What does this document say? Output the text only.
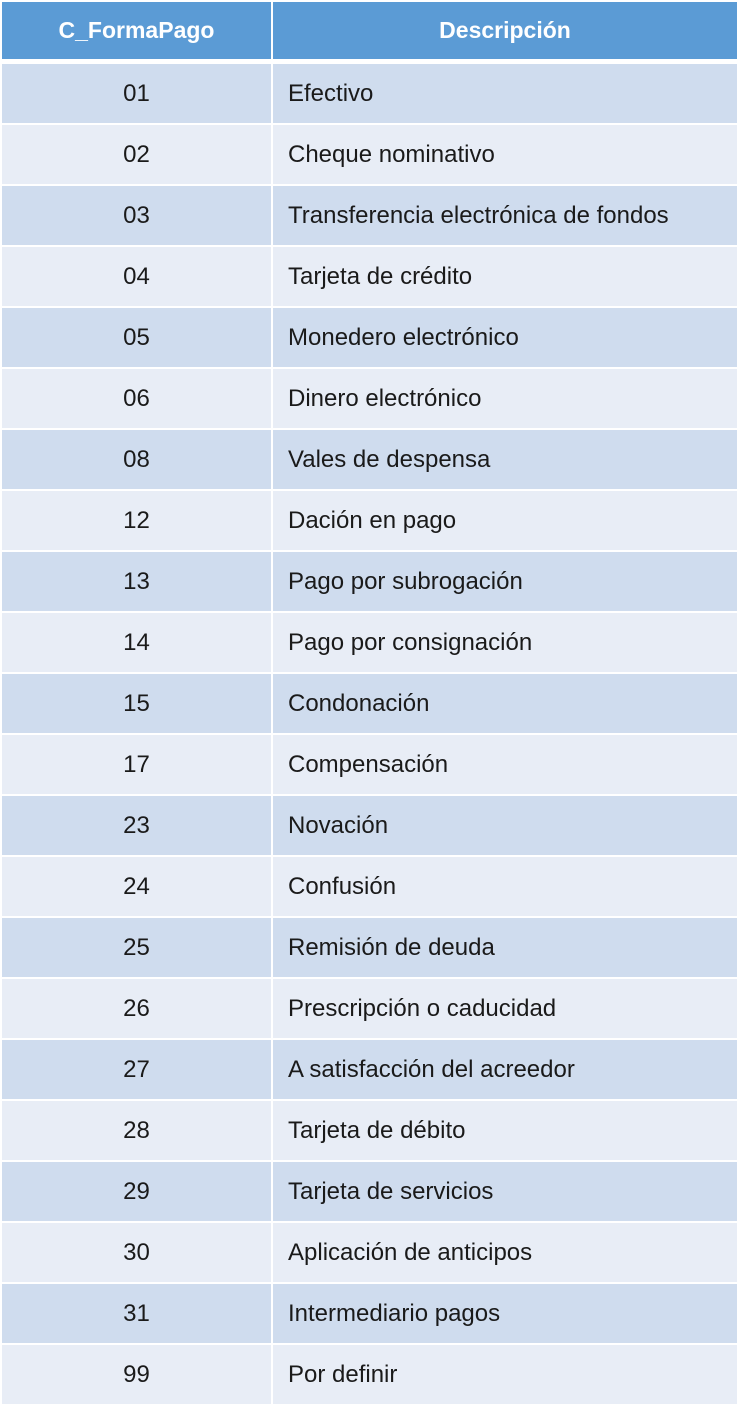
C_FormaPago	Descripción
01	Efectivo
02	Cheque nominativo
03	Transferencia electrónica de fondos
04	Tarjeta de crédito
05	Monedero electrónico
06	Dinero electrónico
08	Vales de despensa
12	Dación en pago
13	Pago por subrogación
14	Pago por consignación
15	Condonación
17	Compensación
23	Novación
24	Confusión
25	Remisión de deuda
26	Prescripción o caducidad
27	A satisfacción del acreedor
28	Tarjeta de débito
29	Tarjeta de servicios
30	Aplicación de anticipos
31	Intermediario pagos
99	Por definir
